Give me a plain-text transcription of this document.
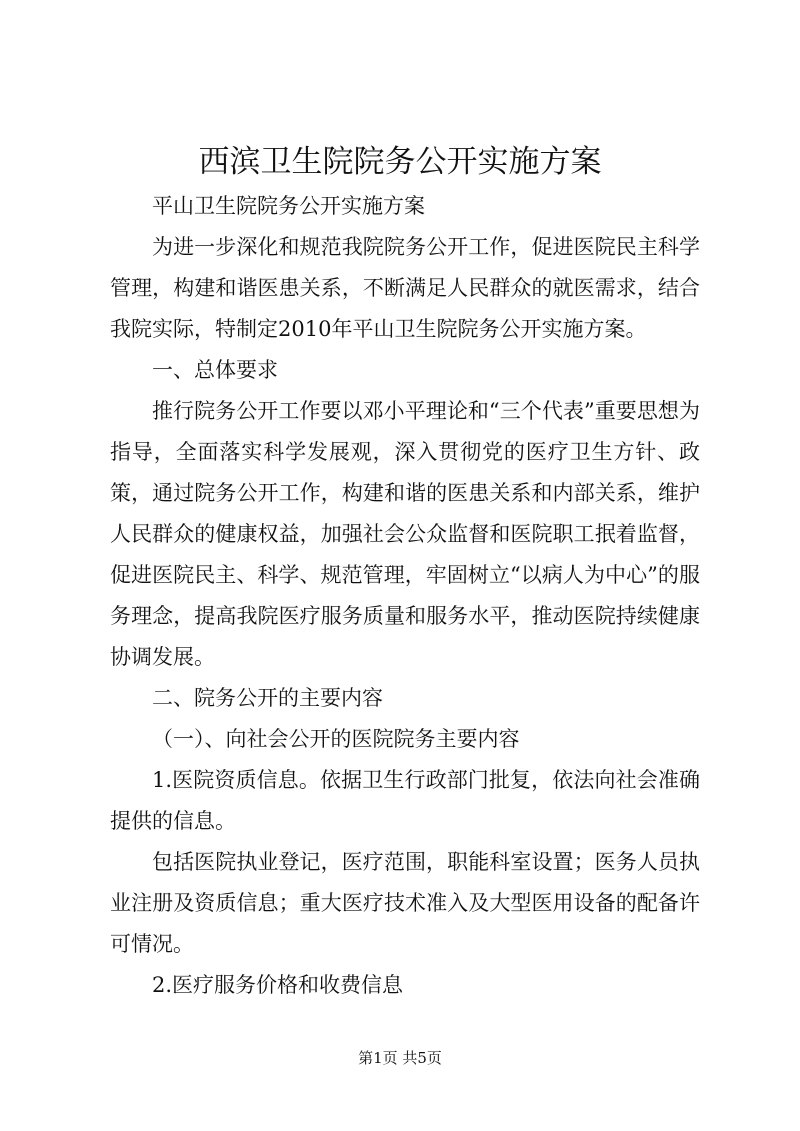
西滨卫生院院务公开实施方案

平山卫生院院务公开实施方案

为进一步深化和规范我院院务公开工作，促进医院民主科学管理，构建和谐医患关系，不断满足人民群众的就医需求，结合我院实际，特制定2010年平山卫生院院务公开实施方案。

一、总体要求

推行院务公开工作要以邓小平理论和“三个代表”重要思想为指导，全面落实科学发展观，深入贯彻党的医疗卫生方针、政策，通过院务公开工作，构建和谐的医患关系和内部关系，维护人民群众的健康权益，加强社会公众监督和医院职工抿着监督，促进医院民主、科学、规范管理，牢固树立“以病人为中心”的服务理念，提高我院医疗服务质量和服务水平，推动医院持续健康协调发展。

二、院务公开的主要内容

（一）、向社会公开的医院院务主要内容

1.医院资质信息。依据卫生行政部门批复，依法向社会准确提供的信息。

包括医院执业登记，医疗范围，职能科室设置；医务人员执业注册及资质信息；重大医疗技术准入及大型医用设备的配备许可情况。

2.医疗服务价格和收费信息

第1页 共5页
